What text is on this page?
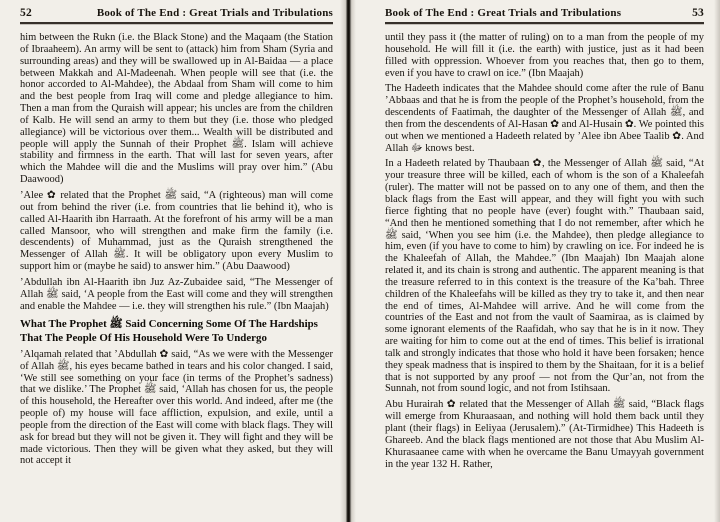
52	Book of The End : Great Trials and Tribulations

him between the Rukn (i.e. the Black Stone) and the Maqaam (the Station of Ibraaheem). An army will be sent to (attack) him from Sham (Syria and surrounding areas) and they will be swallowed up in Al-Baidaa — a place between Makkah and Al-Madeenah. When people will see that (i.e. the honor accorded to Al-Mahdee), the Abdaal from Sham will come to him and the best people from Iraq will come and pledge allegiance to him. Then a man from the Quraish will appear; his uncles are from the children of Kalb. He will send an army to them but they (i.e. those who pledged allegiance) will be victorious over them... Wealth will be distributed and people will apply the Sunnah of their Prophet ﷺ. Islam will achieve stability and firmness in the earth. That will last for seven years, after which the Mahdee will die and the Muslims will pray over him.” (Abu Daawood)

’Alee ✿ related that the Prophet ﷺ said, “A (righteous) man will come out from behind the river (i.e. from countries that lie behind it), who is called Al-Haarith ibn Harraath. At the forefront of his army will be a man called Mansoor, who will strengthen and make firm the family (i.e. descendents) of Muhammad, just as the Quraish strengthened the Messenger of Allah ﷺ. It will be obligatory upon every Muslim to support him or (maybe he said) to answer him.” (Abu Daawood)

’Abdullah ibn Al-Haarith ibn Juz Az-Zubaidee said, “The Messenger of Allah ﷺ said, ‘A people from the East will come and they will strengthen and enable the Mahdee — i.e. they will strengthen his rule.” (Ibn Maajah)

What The Prophet ﷺ Said Concerning Some Of The Hardships That The People Of His Household Were To Undergo

’Alqamah related that ’Abdullah ✿ said, “As we were with the Messenger of Allah ﷺ, his eyes became bathed in tears and his color changed. I said, ‘We still see something on your face (in terms of the Prophet’s sadness) that we dislike.’ The Prophet ﷺ said, ‘Allah has chosen for us, the people of this household, the Hereafter over this world. And indeed, after me (the people of) my house will face affliction, expulsion, and exile, until a people from the direction of the East will come with black flags. They will ask for bread but they will not be given it. They will fight and they will be made victorious. Then they will be given what they asked, but they will not accept it

Book of The End : Great Trials and Tribulations	53

until they pass it (the matter of ruling) on to a man from the people of my household. He will fill it (i.e. the earth) with justice, just as it had been filled with oppression. Whoever from you reaches that, then go to them, even if you have to crawl on ice.” (Ibn Maajah)

The Hadeeth indicates that the Mahdee should come after the rule of Banu ’Abbaas and that he is from the people of the Prophet’s household, from the descendents of Faatimah, the daughter of the Messenger of Allah ﷺ, and then from the descendents of Al-Hasan ✿ and Al-Husain ✿. We pointed this out when we mentioned a Hadeeth related by ’Alee ibn Abee Taalib ✿. And Allah ﷻ knows best.

In a Hadeeth related by Thaubaan ✿, the Messenger of Allah ﷺ said, “At your treasure three will be killed, each of whom is the son of a Khaleefah (ruler). The matter will not be passed on to any one of them, and then the black flags from the East will appear, and they will fight you with such fierce fighting that no people have (ever) fought with.” Thaubaan said, “And then he mentioned something that I do not remember, after which he ﷺ said, ‘When you see him (i.e. the Mahdee), then pledge allegiance to him, even (if you have to come to him) by crawling on ice. For indeed he is the Khaleefah of Allah, the Mahdee.” (Ibn Maajah) Ibn Maajah alone related it, and its chain is strong and authentic. The apparent meaning is that the treasure referred to in this context is the treasure of the Ka’bah. Three children of the Khaleefahs will be killed as they try to take it, and then near the end of times, Al-Mahdee will arrive. And he will come from the countries of the East and not from the vault of Saamiraa, as is claimed by some ignorant elements of the Raafidah, who say that he is in it now. They are waiting for him to come out at the end of times. This belief is irrational talk and strongly indicates that those who hold it have been forsaken; hence they speak madness that is inspired to them by the Shaitaan, for it is a belief that is not supported by any proof — not from the Qur’an, not from the Sunnah, not from sound logic, and not from Istihsaan.

Abu Hurairah ✿ related that the Messenger of Allah ﷺ said, “Black flags will emerge from Khuraasaan, and nothing will hold them back until they plant (their flags) in Eeliyaa (Jerusalem).” (At-Tirmidhee) This Hadeeth is Ghareeb. And the black flags mentioned are not those that Abu Muslim Al-Khurasaanee came with when he overcame the Banu Umayyah government in the year 132 H. Rather,
